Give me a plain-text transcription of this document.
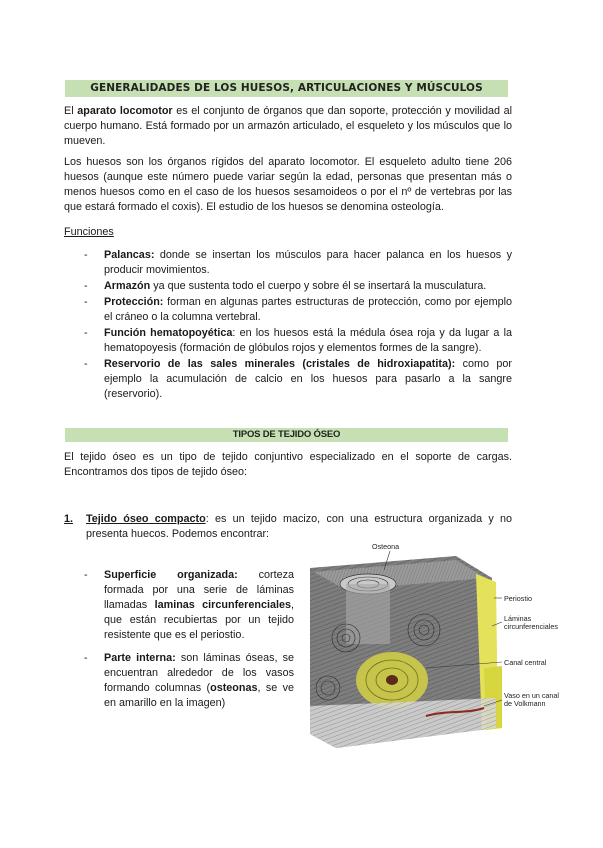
GENERALIDADES DE LOS HUESOS, ARTICULACIONES Y MÚSCULOS

El aparato locomotor es el conjunto de órganos que dan soporte, protección y movilidad al cuerpo humano. Está formado por un armazón articulado, el esqueleto y los músculos que lo mueven.

Los huesos son los órganos rígidos del aparato locomotor. El esqueleto adulto tiene 206 huesos (aunque este número puede variar según la edad, personas que presentan más o menos huesos como en el caso de los huesos sesamoideos o por el nº de vertebras por las que estará formado el coxis). El estudio de los huesos se denomina osteología.

Funciones
- Palancas: donde se insertan los músculos para hacer palanca en los huesos y producir movimientos.
- Armazón ya que sustenta todo el cuerpo y sobre él se insertará la musculatura.
- Protección: forman en algunas partes estructuras de protección, como por ejemplo el cráneo o la columna vertebral.
- Función hematopoyética: en los huesos está la médula ósea roja y da lugar a la hematopoyesis (formación de glóbulos rojos y elementos formes de la sangre).
- Reservorio de las sales minerales (cristales de hidroxiapatita): como por ejemplo la acumulación de calcio en los huesos para pasarlo a la sangre (reservorio).
TIPOS DE TEJIDO ÓSEO

El tejido óseo es un tipo de tejido conjuntivo especializado en el soporte de cargas. Encontramos dos tipos de tejido óseo:

1. Tejido óseo compacto: es un tejido macizo, con una estructura organizada y no presenta huecos. Podemos encontrar:
- Superficie organizada: corteza formada por una serie de láminas llamadas laminas circunferenciales, que están recubiertas por un tejido resistente que es el periostio.
- Parte interna: son láminas óseas, se encuentran alrededor de los vasos formando columnas (osteonas, se ve en amarillo en la imagen)
Osteona
Periostio
Láminas
circunferenciales
Canal central
Vaso en un canal
de Volkmann
